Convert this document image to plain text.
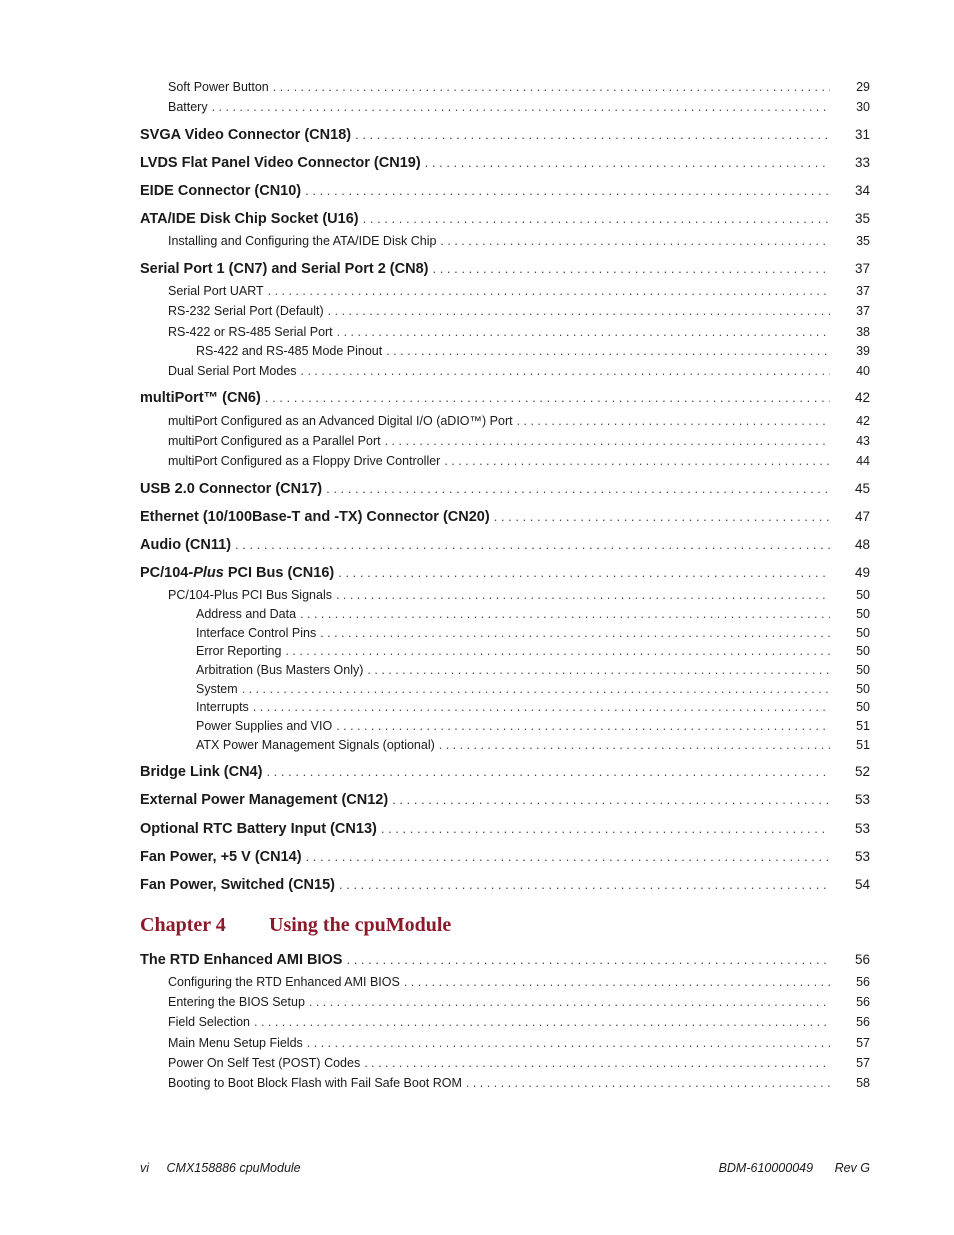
Soft Power Button . . .	29
Battery . . .	30
SVGA Video Connector (CN18) . . .	31
LVDS Flat Panel Video Connector (CN19) . . .	33
EIDE Connector (CN10) . . .	34
ATA/IDE Disk Chip Socket (U16) . . .	35
Installing and Configuring the ATA/IDE Disk Chip . . .	35
Serial Port 1 (CN7) and Serial Port 2 (CN8) . . .	37
Serial Port UART . . .	37
RS-232 Serial Port (Default) . . .	37
RS-422 or RS-485 Serial Port . . .	38
RS-422 and RS-485 Mode Pinout . . .	39
Dual Serial Port Modes . . .	40
multiPort™ (CN6) . . .	42
multiPort Configured as an Advanced Digital I/O (aDIO™) Port . . .	42
multiPort Configured as a Parallel Port . . .	43
multiPort Configured as a Floppy Drive Controller . . .	44
USB 2.0 Connector (CN17) . . .	45
Ethernet (10/100Base-T and -TX) Connector (CN20) . . .	47
Audio (CN11) . . .	48
PC/104-Plus PCI Bus (CN16) . . .	49
PC/104-Plus PCI Bus Signals . . .	50
Address and Data . . .	50
Interface Control Pins . . .	50
Error Reporting . . .	50
Arbitration (Bus Masters Only) . . .	50
System . . .	50
Interrupts . . .	50
Power Supplies and VIO . . .	51
ATX Power Management Signals (optional) . . .	51
Bridge Link (CN4) . . .	52
External Power Management (CN12) . . .	53
Optional RTC Battery Input (CN13) . . .	53
Fan Power, +5 V (CN14) . . .	53
Fan Power, Switched (CN15) . . .	54
Chapter 4	Using the cpuModule
The RTD Enhanced AMI BIOS . . .	56
Configuring the RTD Enhanced AMI BIOS . . .	56
Entering the BIOS Setup . . .	56
Field Selection . . .	56
Main Menu Setup Fields . . .	57
Power On Self Test (POST) Codes . . .	57
Booting to Boot Block Flash with Fail Safe Boot ROM . . .	58
vi CMX158886 cpuModule	BDM-610000049 Rev G
